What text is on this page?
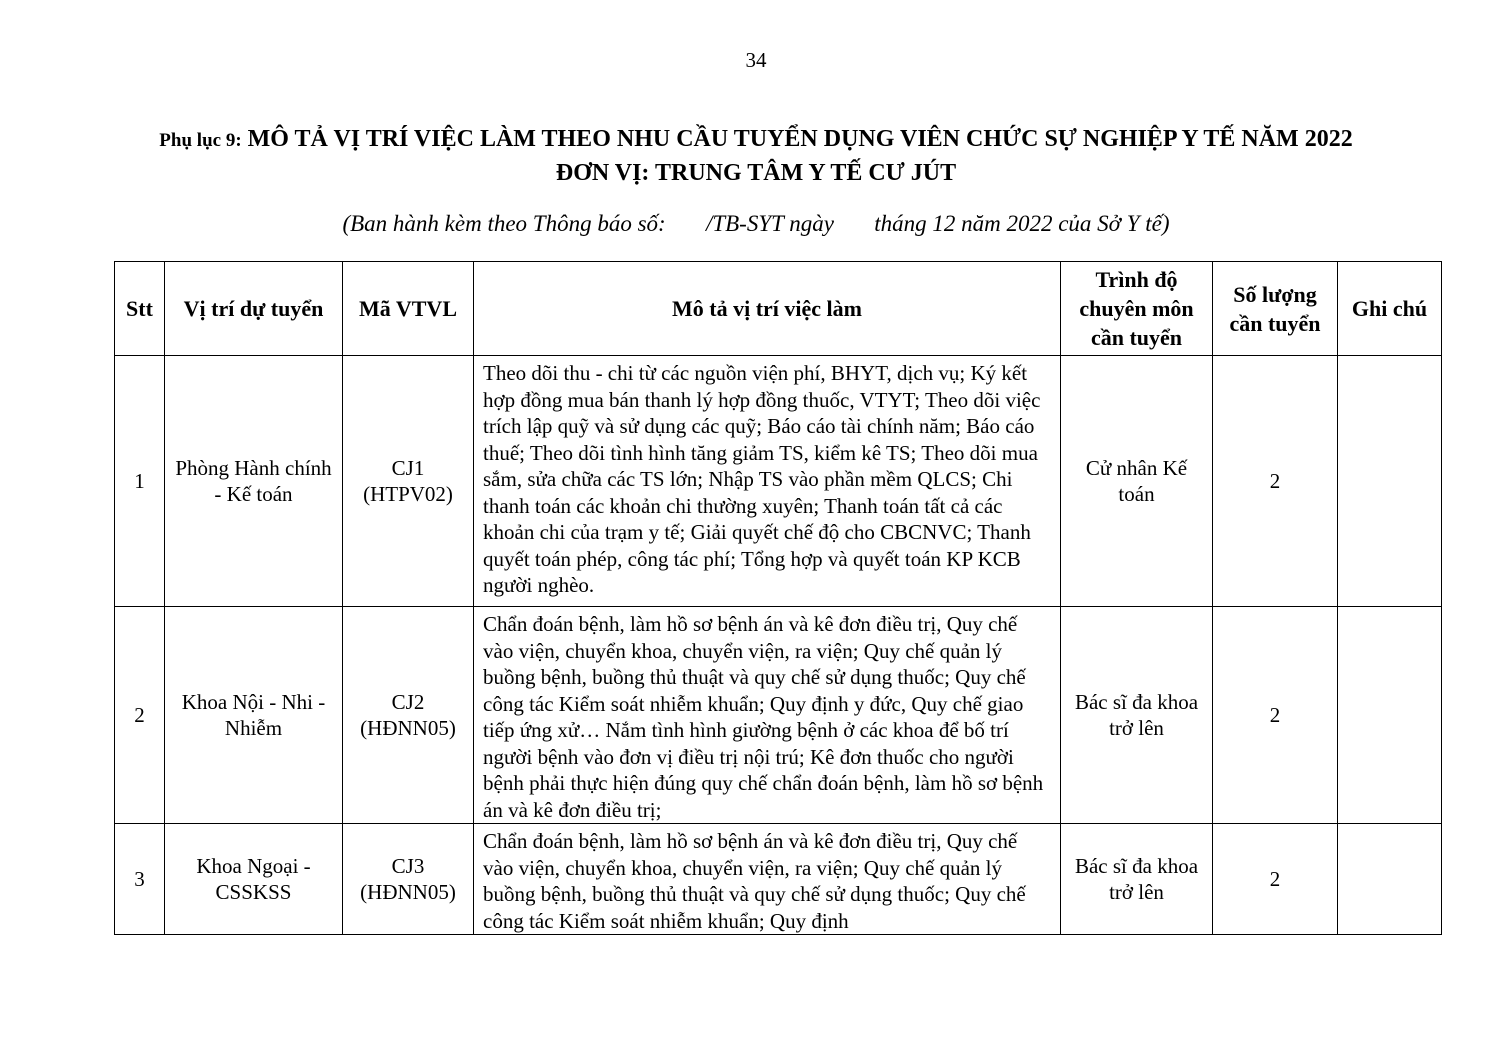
34
Phụ lục 9: MÔ TẢ VỊ TRÍ VIỆC LÀM THEO NHU CẦU TUYỂN DỤNG VIÊN CHỨC SỰ NGHIỆP Y TẾ NĂM 2022
ĐƠN VỊ: TRUNG TÂM Y TẾ CƯ JÚT
(Ban hành kèm theo Thông báo số:       /TB-SYT ngày       tháng 12 năm 2022 của Sở Y tế)
Stt	Vị trí dự tuyển	Mã VTVL	Mô tả vị trí việc làm	Trình độ chuyên môn cần tuyển	Số lượng cần tuyển	Ghi chú
1	Phòng Hành chính - Kế toán	CJ1 (HTPV02)	Theo dõi thu - chi từ các nguồn viện phí, BHYT, dịch vụ; Ký kết hợp đồng mua bán thanh lý hợp đồng thuốc, VTYT; Theo dõi việc trích lập quỹ và sử dụng các quỹ; Báo cáo tài chính năm; Báo cáo thuế; Theo dõi tình hình tăng giảm TS, kiểm kê TS; Theo dõi mua sắm, sửa chữa các TS lớn; Nhập TS vào phần mềm QLCS; Chi thanh toán các khoản chi thường xuyên; Thanh toán tất cả các khoản chi của trạm y tế; Giải quyết chế độ cho CBCNVC; Thanh quyết toán phép, công tác phí; Tổng hợp và quyết toán KP KCB người nghèo.	Cử nhân Kế toán	2	
2	Khoa Nội - Nhi - Nhiễm	CJ2 (HĐNN05)	Chẩn đoán bệnh, làm hồ sơ bệnh án và kê đơn điều trị, Quy chế vào viện, chuyển khoa, chuyển viện, ra viện; Quy chế quản lý buồng bệnh, buồng thủ thuật và quy chế sử dụng thuốc; Quy chế công tác Kiểm soát nhiễm khuẩn; Quy định y đức, Quy chế giao tiếp ứng xử… Nắm tình hình giường bệnh ở các khoa để bố trí người bệnh vào đơn vị điều trị nội trú; Kê đơn thuốc cho người bệnh phải thực hiện đúng quy chế chẩn đoán bệnh, làm hồ sơ bệnh án và kê đơn điều trị;	Bác sĩ đa khoa trở lên	2	
3	Khoa Ngoại - CSSKSS	CJ3 (HĐNN05)	Chẩn đoán bệnh, làm hồ sơ bệnh án và kê đơn điều trị, Quy chế vào viện, chuyển khoa, chuyển viện, ra viện; Quy chế quản lý buồng bệnh, buồng thủ thuật và quy chế sử dụng thuốc; Quy chế công tác Kiểm soát nhiễm khuẩn; Quy định	Bác sĩ đa khoa trở lên	2	
